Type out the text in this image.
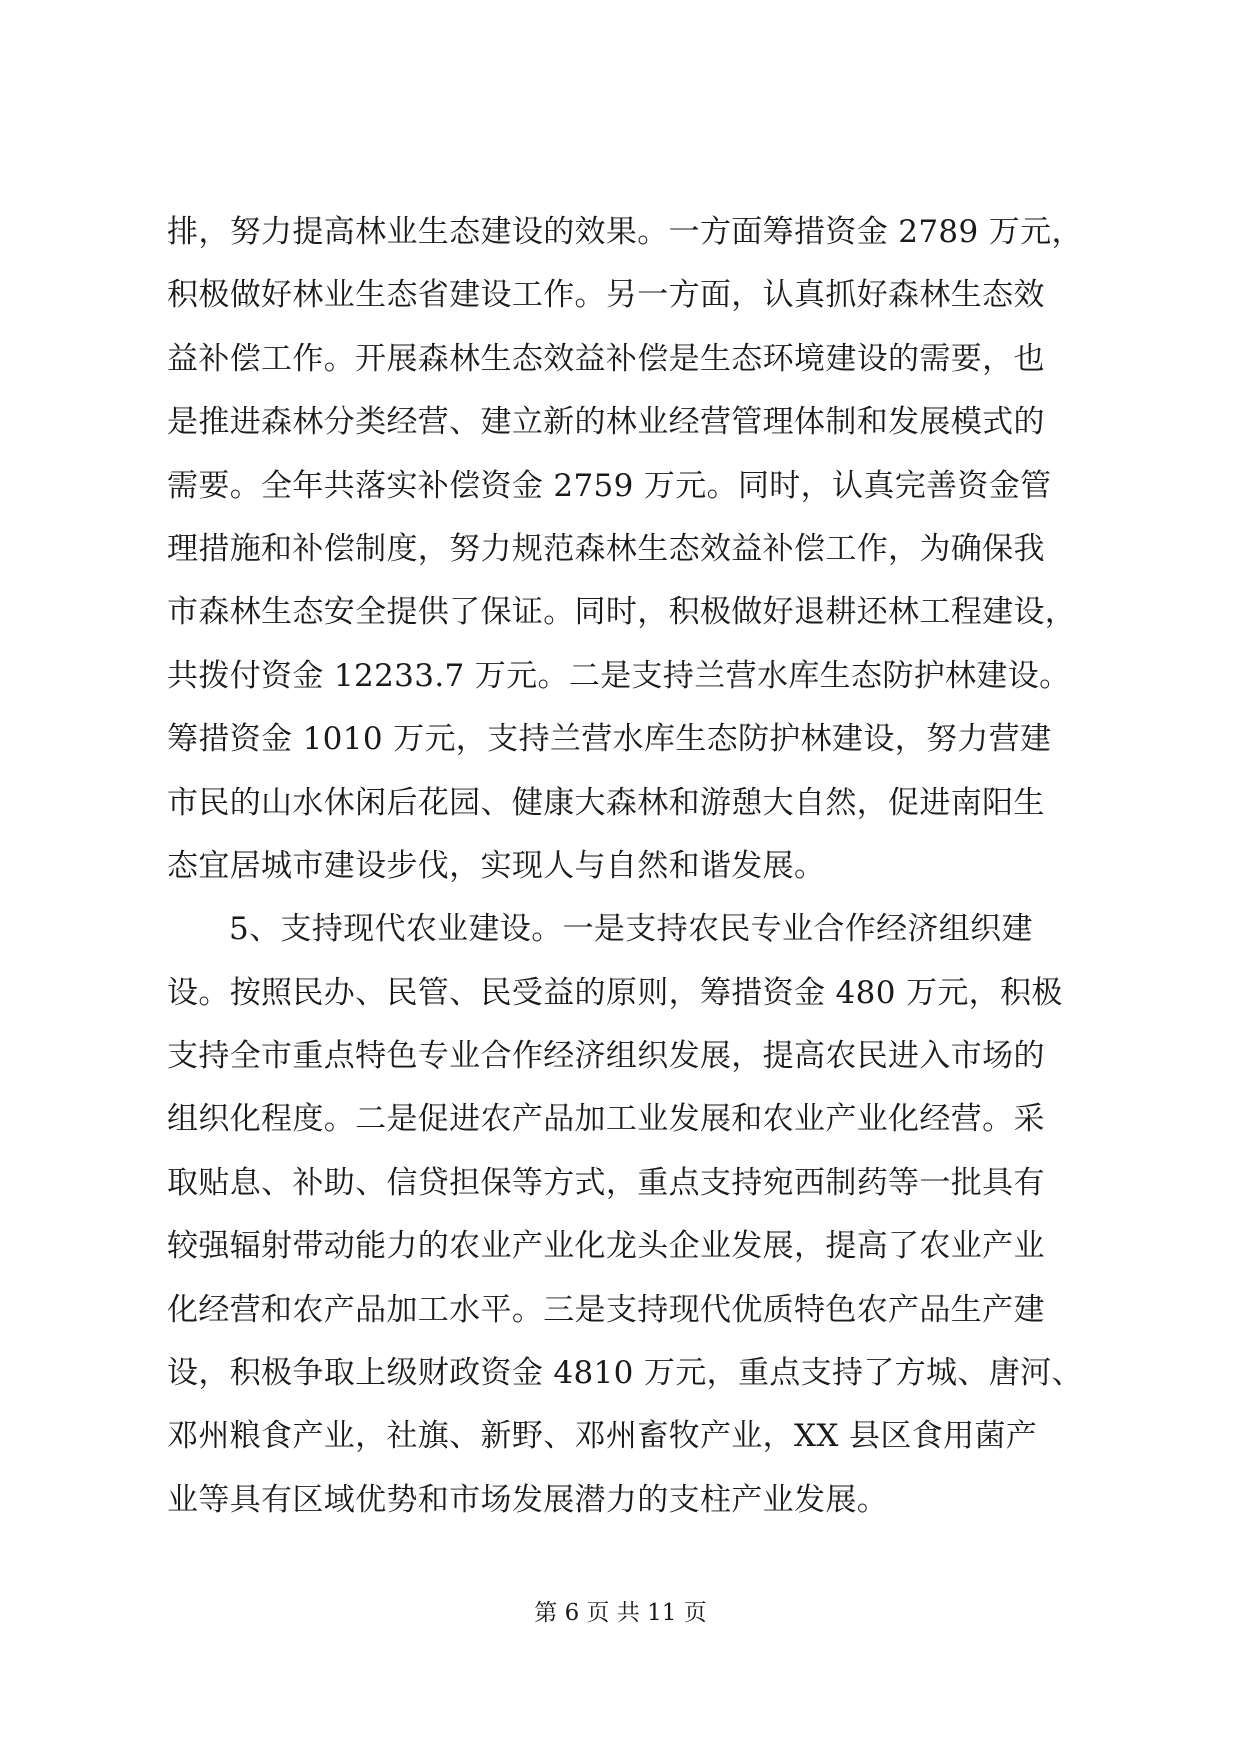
排，努力提高林业生态建设的效果。一方面筹措资金 2789 万元，
积极做好林业生态省建设工作。另一方面，认真抓好森林生态效
益补偿工作。开展森林生态效益补偿是生态环境建设的需要，也
是推进森林分类经营、建立新的林业经营管理体制和发展模式的
需要。全年共落实补偿资金 2759 万元。同时，认真完善资金管
理措施和补偿制度，努力规范森林生态效益补偿工作，为确保我
市森林生态安全提供了保证。同时，积极做好退耕还林工程建设，
共拨付资金 12233.7 万元。二是支持兰营水库生态防护林建设。
筹措资金 1010 万元，支持兰营水库生态防护林建设，努力营建
市民的山水休闲后花园、健康大森林和游憩大自然，促进南阳生
态宜居城市建设步伐，实现人与自然和谐发展。
5、支持现代农业建设。一是支持农民专业合作经济组织建
设。按照民办、民管、民受益的原则，筹措资金 480 万元，积极
支持全市重点特色专业合作经济组织发展，提高农民进入市场的
组织化程度。二是促进农产品加工业发展和农业产业化经营。采
取贴息、补助、信贷担保等方式，重点支持宛西制药等一批具有
较强辐射带动能力的农业产业化龙头企业发展，提高了农业产业
化经营和农产品加工水平。三是支持现代优质特色农产品生产建
设，积极争取上级财政资金 4810 万元，重点支持了方城、唐河、
邓州粮食产业，社旗、新野、邓州畜牧产业，XX 县区食用菌产
业等具有区域优势和市场发展潜力的支柱产业发展。
第 6 页 共 11 页
